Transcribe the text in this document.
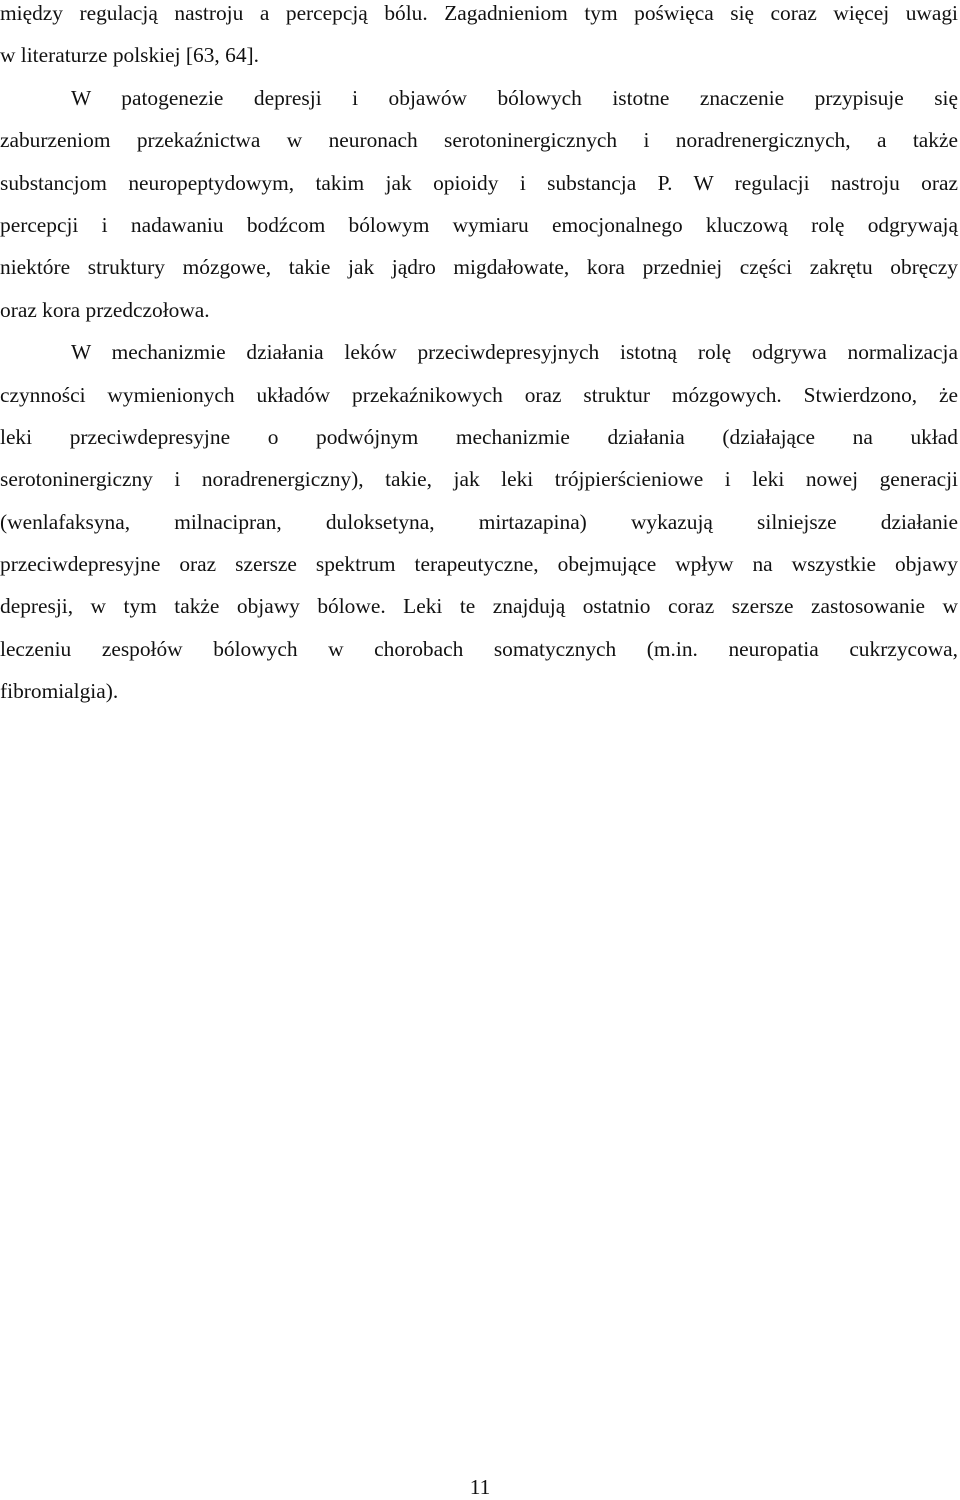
między regulacją nastroju a percepcją bólu. Zagadnieniom tym poświęca się coraz więcej uwagi
w literaturze polskiej [63, 64].

W patogenezie depresji i objawów bólowych istotne znaczenie przypisuje się
zaburzeniom przekaźnictwa w neuronach serotoninergicznych i noradrenergicznych, a także
substancjom neuropeptydowym, takim jak opioidy i substancja P. W regulacji nastroju oraz
percepcji i nadawaniu bodźcom bólowym wymiaru emocjonalnego kluczową rolę odgrywają
niektóre struktury mózgowe, takie jak jądro migdałowate, kora przedniej części zakrętu obręczy
oraz kora przedczołowa.

W mechanizmie działania leków przeciwdepresyjnych istotną rolę odgrywa normalizacja
czynności wymienionych układów przekaźnikowych oraz struktur mózgowych. Stwierdzono, że
leki przeciwdepresyjne o podwójnym mechanizmie działania (działające na układ
serotoninergiczny i noradrenergiczny), takie, jak leki trójpierścieniowe i leki nowej generacji
(wenlafaksyna, milnacipran, duloksetyna, mirtazapina) wykazują silniejsze działanie
przeciwdepresyjne oraz szersze spektrum terapeutyczne, obejmujące wpływ na wszystkie objawy
depresji, w tym także objawy bólowe. Leki te znajdują ostatnio coraz szersze zastosowanie w
leczeniu zespołów bólowych w chorobach somatycznych (m.in. neuropatia cukrzycowa,
fibromialgia).

11
